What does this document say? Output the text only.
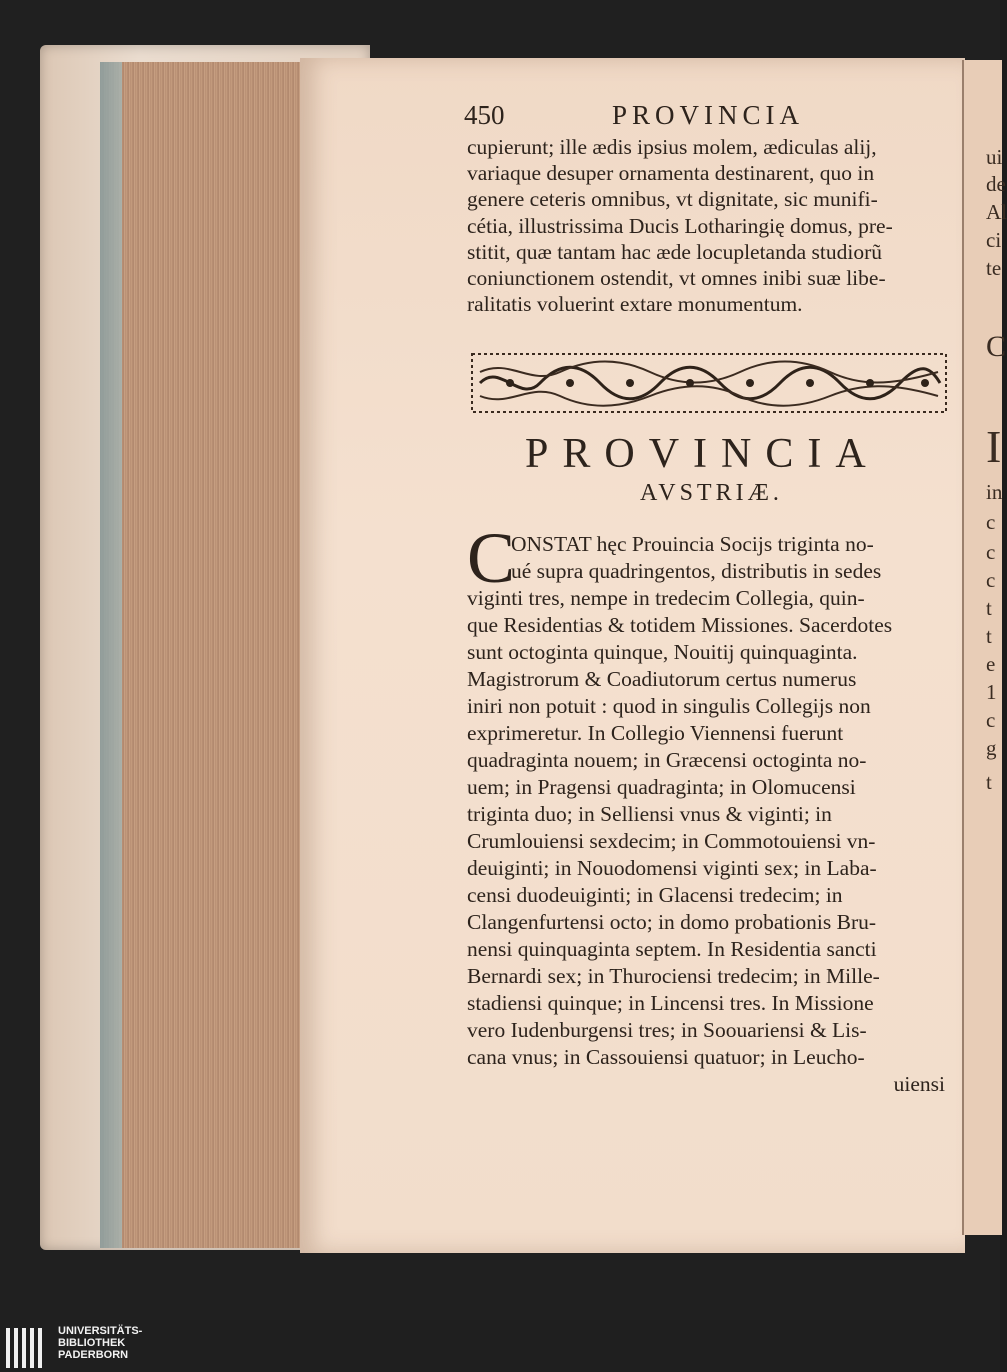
ui
de
Al
ci
te
C
I
in
c
c
c
t
t
e
1
c
g
t
450	PROVINCIA
cupierunt; ille ædis ipsius molem, ædiculas alij,
variaque desuper ornamenta destinarent, quo in
genere ceteris omnibus, vt dignitate, sic munifi-
cétia, illustrissima Ducis Lotharingię domus, pre-
stitit, quæ tantam hac æde locupletanda studiorũ
coniunctionem ostendit, vt omnes inibi suæ libe-
ralitatis voluerint extare monumentum.
PROVINCIA
AVSTRIÆ.
C
ONSTAT hęc Prouincia Socijs triginta no-
ué supra quadringentos, distributis in sedes
viginti tres, nempe in tredecim Collegia, quin-
que Residentias & totidem Missiones. Sacerdotes
sunt octoginta quinque, Nouitij quinquaginta.
Magistrorum & Coadiutorum certus numerus
iniri non potuit : quod in singulis Collegijs non
exprimeretur. In Collegio Viennensi fuerunt
quadraginta nouem; in Græcensi octoginta no-
uem; in Pragensi quadraginta; in Olomucensi
triginta duo; in Selliensi vnus & viginti; in
Crumlouiensi sexdecim; in Commotouiensi vn-
deuiginti; in Nouodomensi viginti sex; in Laba-
censi duodeuiginti; in Glacensi tredecim; in
Clangenfurtensi octo; in domo probationis Bru-
nensi quinquaginta septem. In Residentia sancti
Bernardi sex; in Thurociensi tredecim; in Mille-
stadiensi quinque; in Lincensi tres. In Missione
vero Iudenburgensi tres; in Soouariensi & Lis-
cana vnus; in Cassouiensi quatuor; in Leucho-
uiensi
UNIVERSITÄTS-
BIBLIOTHEK
PADERBORN
